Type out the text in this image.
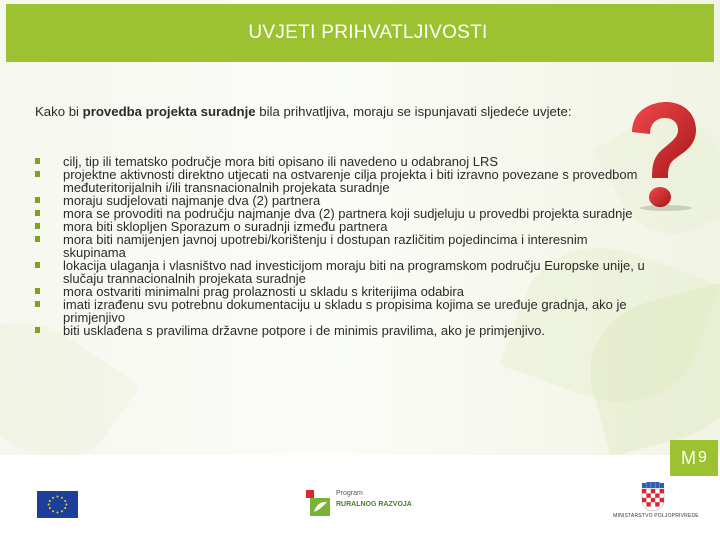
UVJETI PRIHVATLJIVOSTI
Kako bi provedba projekta suradnje bila prihvatljiva, moraju se ispunjavati sljedeće uvjete:
cilj, tip ili tematsko područje mora biti opisano ili navedeno u odabranoj LRS
projektne aktivnosti direktno utjecati na ostvarenje cilja projekta i biti izravno povezane s provedbom međuteritorijalnih i/ili transnacionalnih projekata suradnje
moraju sudjelovati najmanje dva (2) partnera
mora se provoditi na području najmanje dva (2) partnera koji sudjeluju u provedbi projekta suradnje
mora biti sklopljen Sporazum o suradnji između partnera
mora biti namijenjen javnoj upotrebi/korištenju i dostupan različitim pojedincima i interesnim skupinama
lokacija ulaganja i vlasništvo nad investicijom moraju biti na programskom području Europske unije, u slučaju trannacionalnih projekata suradnje
mora ostvariti minimalni prag prolaznosti u skladu s kriterijima odabira
imati izrađenu svu potrebnu dokumentaciju u skladu s propisima kojima se uređuje gradnja, ako je primjenjivo
biti usklađena s pravilima državne potpore i de minimis pravilima, ako je primjenjivo.
M 9
Program
RURALNOG RAZVOJA
MINISTARSTVO POLJOPRIVREDE
